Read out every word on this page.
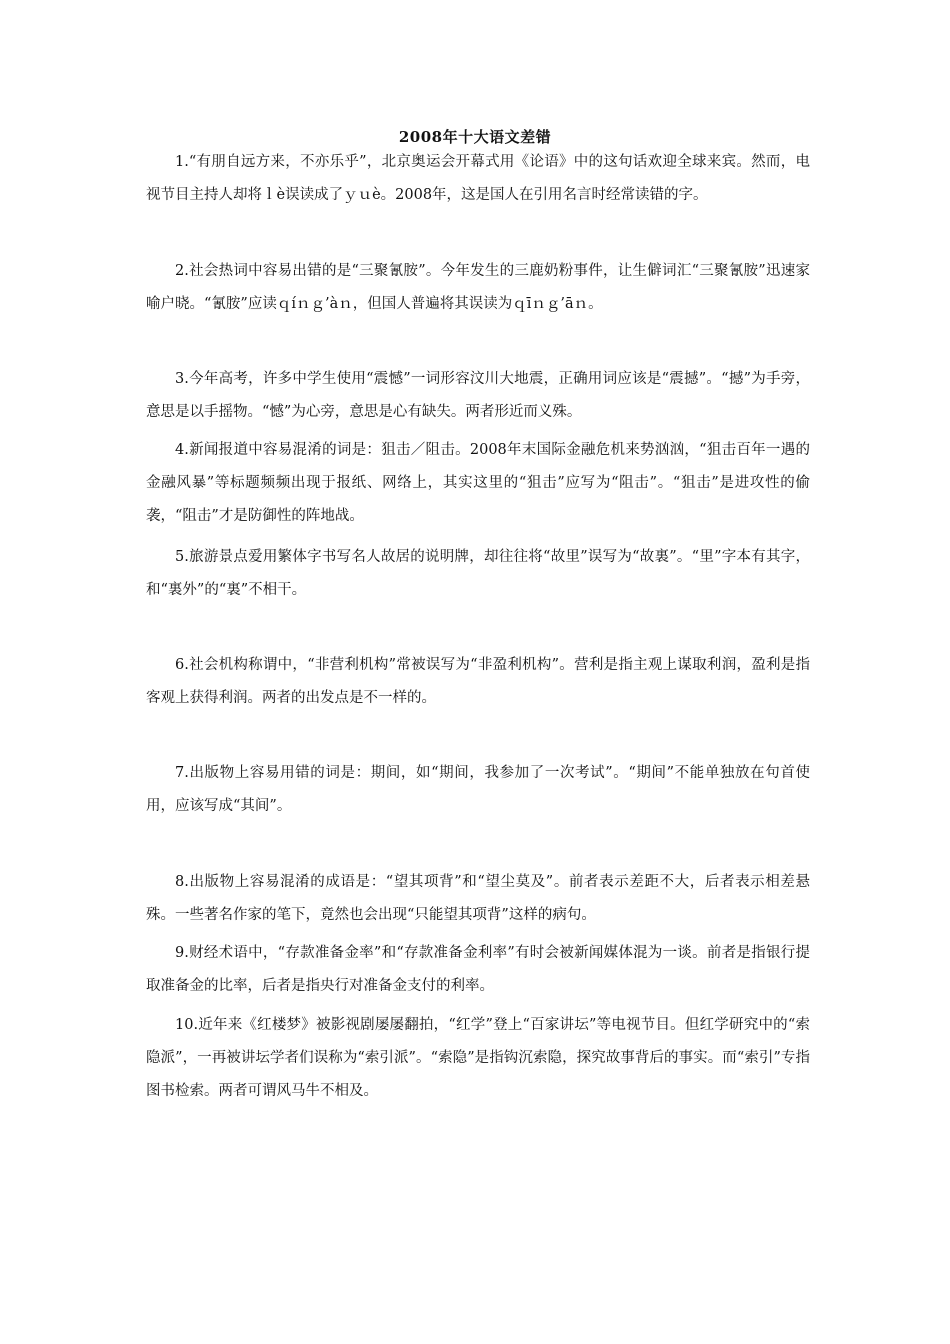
2008年十大语文差错

1.“有朋自远方来，不亦乐乎”，北京奥运会开幕式用《论语》中的这句话欢迎全球来宾。然而，电视节目主持人却将ｌè误读成了ｙｕè。2008年，这是国人在引用名言时经常读错的字。

2.社会热词中容易出错的是“三聚氰胺”。今年发生的三鹿奶粉事件，让生僻词汇“三聚氰胺”迅速家喻户晓。“氰胺”应读ｑíｎｇ’àｎ，但国人普遍将其误读为ｑīｎｇ’āｎ。

3.今年高考，许多中学生使用“震憾”一词形容汶川大地震，正确用词应该是“震撼”。“撼”为手旁，意思是以手摇物。“憾”为心旁，意思是心有缺失。两者形近而义殊。

4.新闻报道中容易混淆的词是：狙击／阻击。2008年末国际金融危机来势汹汹，“狙击百年一遇的金融风暴”等标题频频出现于报纸、网络上，其实这里的“狙击”应写为“阻击”。“狙击”是进攻性的偷袭，“阻击”才是防御性的阵地战。

5.旅游景点爱用繁体字书写名人故居的说明牌，却往往将“故里”误写为“故裏”。“里”字本有其字，和“裏外”的“裏”不相干。

6.社会机构称谓中，“非营利机构”常被误写为“非盈利机构”。营利是指主观上谋取利润，盈利是指客观上获得利润。两者的出发点是不一样的。

7.出版物上容易用错的词是：期间，如“期间，我参加了一次考试”。“期间”不能单独放在句首使用，应该写成“其间”。

8.出版物上容易混淆的成语是：“望其项背”和“望尘莫及”。前者表示差距不大，后者表示相差悬殊。一些著名作家的笔下，竟然也会出现“只能望其项背”这样的病句。

9.财经术语中，“存款准备金率”和“存款准备金利率”有时会被新闻媒体混为一谈。前者是指银行提取准备金的比率，后者是指央行对准备金支付的利率。

10.近年来《红楼梦》被影视剧屡屡翻拍，“红学”登上“百家讲坛”等电视节目。但红学研究中的“索隐派”，一再被讲坛学者们误称为“索引派”。“索隐”是指钩沉索隐，探究故事背后的事实。而“索引”专指图书检索。两者可谓风马牛不相及。
